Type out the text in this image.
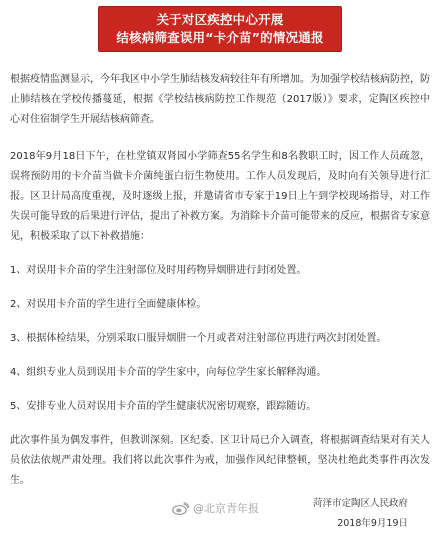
关于对区疾控中心开展
结核病筛查误用“卡介苗”的情况通报

根据疫情监测显示，今年我区中小学生肺结核发病较往年有所增加。为加强学校结核病防控，防止肺结核在学校传播蔓延，根据《学校结核病防控工作规范（2017版）》要求，定陶区疾控中心对住宿制学生开展结核病筛查。

2018年9月18日下午，在杜堂镇双肾园小学筛查55名学生和8名教职工时，因工作人员疏忽，误将预防用的卡介苗当做卡介菌纯蛋白衍生物使用。工作人员发现后，及时向有关领导进行汇报。区卫计局高度重视，及时逐级上报，并邀请省市专家于19日上午到学校现场指导，对工作失误可能导致的后果进行评估，提出了补救方案。为消除卡介苗可能带来的反应，根据省专家意见，积极采取了以下补救措施：

1、对误用卡介苗的学生注射部位及时用药物异烟肼进行封闭处置。

2、对误用卡介苗的学生进行全面健康体检。

3、根据体检结果，分别采取口服异烟肼一个月或者对注射部位再进行两次封闭处置。

4、组织专业人员到误用卡介苗的学生家中，向每位学生家长解释沟通。

5、安排专业人员对误用卡介苗的学生健康状况密切观察，跟踪随访。

此次事件虽为偶发事件，但教训深刻。区纪委、区卫计局已介入调查，将根据调查结果对有关人员依法依规严肃处理。我们将以此次事件为戒，加强作风纪律整顿，坚决杜绝此类事件再次发生。

菏泽市定陶区人民政府
2018年9月19日
@北京青年报
